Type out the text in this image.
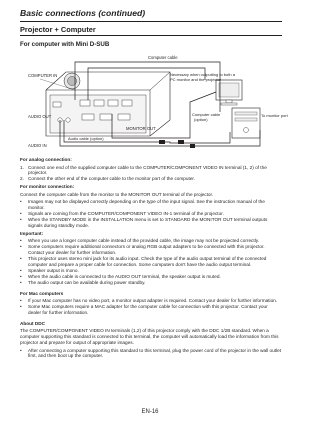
Basic connections (continued)
Projector + Computer
For computer with Mini D-SUB
Computer cable
COMPUTER IN	Necessary when outputting to both a
PC monitor and the projector
Computer cable
(option)
To monitor port
AUDIO OUT
MONITOR OUT
Audio cable (option)
AUDIO IN

For analog connection:

1. Connect one end of the supplied computer cable to the COMPUTER/COMPONENT VIDEO IN terminal (1, 2) of the projector.
2. Connect the other end of the computer cable to the monitor port of the computer.

For monitor connection:

Connect the computer cable from the monitor to the MONITOR OUT terminal of the projector.

•	Images may not be displayed correctly depending on the type of the input signal. See the instruction manual of the monitor.
•	Signals are coming from the COMPUTER/COMPONENT VIDEO IN-1 terminal of the projector.
•	When the STANDBY MODE in the INSTALLATION menu is set to STANDARD the MONITOR OUT terminal outputs signals during standby mode.

Important:

•	When you use a longer computer cable instead of the provided cable, the image may not be projected correctly.
•	Some computers require additional connectors or analog RGB output adapters to be connected with this projector. Contact your dealer for further information.
•	This projector uses stereo mini jack for its audio input. Check the type of the audio output terminal of the connected computer and prepare a proper cable for connection. Some computers don't have the audio output terminal.
•	Speaker output is mono.
•	When the audio cable is connected to the AUDIO OUT terminal, the speaker output is muted.
•	The audio output can be available during power standby.

For Mac computers

•	If your Mac computer has no video port, a monitor output adapter is required. Contact your dealer for further information.
•	Some Mac computers require a MAC adapter for the computer cable for connection with this projector. Contact your dealer for further information.

About DDC

The COMPUTER/COMPONENT VIDEO IN terminals (1,2) of this projector comply with the DDC 1/2B standard. When a computer supporting this standard is connected to this terminal, the computer will automatically load the information from this projector and prepare for output of appropriate images.

•	After connecting a computer supporting this standard to this terminal, plug the power cord of the projector in the wall outlet first, and then boot up the computer.
EN-16
